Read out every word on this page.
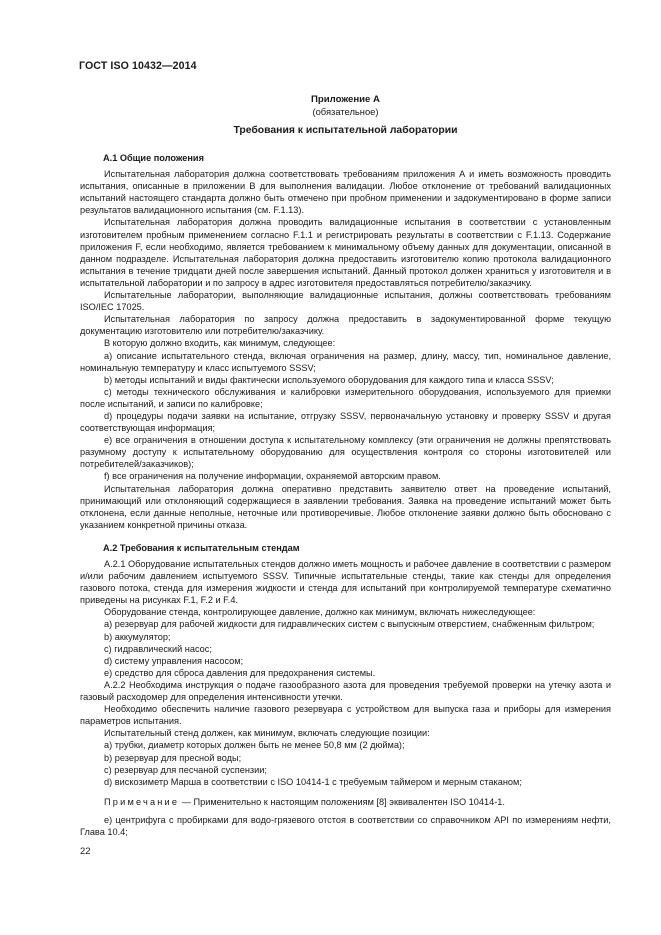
ГОСТ ISO 10432—2014
Приложение А
(обязательное)
Требования к испытательной лаборатории
А.1 Общие положения

Испытательная лаборатория должна соответствовать требованиям приложения А и иметь возможность проводить испытания, описанные в приложении В для выполнения валидации. Любое отклонение от требований валидационных испытаний настоящего стандарта должно быть отмечено при пробном применении и задокументировано в форме записи результатов валидационного испытания (см. F.1.13).

Испытательная лаборатория должна проводить валидационные испытания в соответствии с установленным изготовителем пробным применением согласно F.1.1 и регистрировать результаты в соответствии с F.1.13. Содержание приложения F, если необходимо, является требованием к минимальному объему данных для документации, описанной в данном подразделе. Испытательная лаборатория должна предоставить изготовителю копию протокола валидационного испытания в течение тридцати дней после завершения испытаний. Данный протокол должен храниться у изготовителя и в испытательной лаборатории и по запросу в адрес изготовителя предоставляться потребителю/заказчику.

Испытательные лаборатории, выполняющие валидационные испытания, должны соответствовать требованиям ISO/IEC 17025.

Испытательная лаборатория по запросу должна предоставить в задокументированной форме текущую документацию изготовителю или потребителю/заказчику.

В которую должно входить, как минимум, следующее:

а) описание испытательного стенда, включая ограничения на размер, длину, массу, тип, номинальное давление, номинальную температуру и класс испытуемого SSSV;

b) методы испытаний и виды фактически используемого оборудования для каждого типа и класса SSSV;

с) методы технического обслуживания и калибровки измерительного оборудования, используемого для приемки после испытаний, и записи по калибровке;

d) процедуры подачи заявки на испытание, отгрузку SSSV, первоначальную установку и проверку SSSV и другая соответствующая информация;

е) все ограничения в отношении доступа к испытательному комплексу (эти ограничения не должны препятствовать разумному доступу к испытательному оборудованию для осуществления контроля со стороны изготовителей или потребителей/заказчиков);

f) все ограничения на получение информации, охраняемой авторским правом.

Испытательная лаборатория должна оперативно представить заявителю ответ на проведение испытаний, принимающий или отклоняющий содержащиеся в заявлении требования. Заявка на проведение испытаний может быть отклонена, если данные неполные, неточные или противоречивые. Любое отклонение заявки должно быть обосновано с указанием конкретной причины отказа.

А.2 Требования к испытательным стендам

А.2.1 Оборудование испытательных стендов должно иметь мощность и рабочее давление в соответствии с размером и/или рабочим давлением испытуемого SSSV. Типичные испытательные стенды, такие как стенды для определения газового потока, стенда для измерения жидкости и стенда для испытаний при контролируемой температуре схематично приведены на рисунках F.1, F.2 и F.4.

Оборудование стенда, контролирующее давление, должно как минимум, включать нижеследующее:

а) резервуар для рабочей жидкости для гидравлических систем с выпускным отверстием, снабженным фильтром;

b) аккумулятор;

с) гидравлический насос;

d) систему управления насосом;

е) средство для сброса давления для предохранения системы.

А.2.2 Необходима инструкция о подаче газообразного азота для проведения требуемой проверки на утечку азота и газовый расходомер для определения интенсивности утечки.

Необходимо обеспечить наличие газового резервуара с устройством для выпуска газа и приборы для измерения параметров испытания.

Испытательный стенд должен, как минимум, включать следующие позиции:

а) трубки, диаметр которых должен быть не менее 50,8 мм (2 дюйма);

b) резервуар для пресной воды;

с) резервуар для песчаной суспензии;

d) вискозиметр Марша в соответствии с ISO 10414-1 с требуемым таймером и мерным стаканом;

Примечание — Применительно к настоящим положениям [8] эквивалентен ISO 10414-1.

е) центрифуга с пробирками для водо-грязевого отстоя в соответствии со справочником API по измерениям нефти, Глава 10.4;

22
